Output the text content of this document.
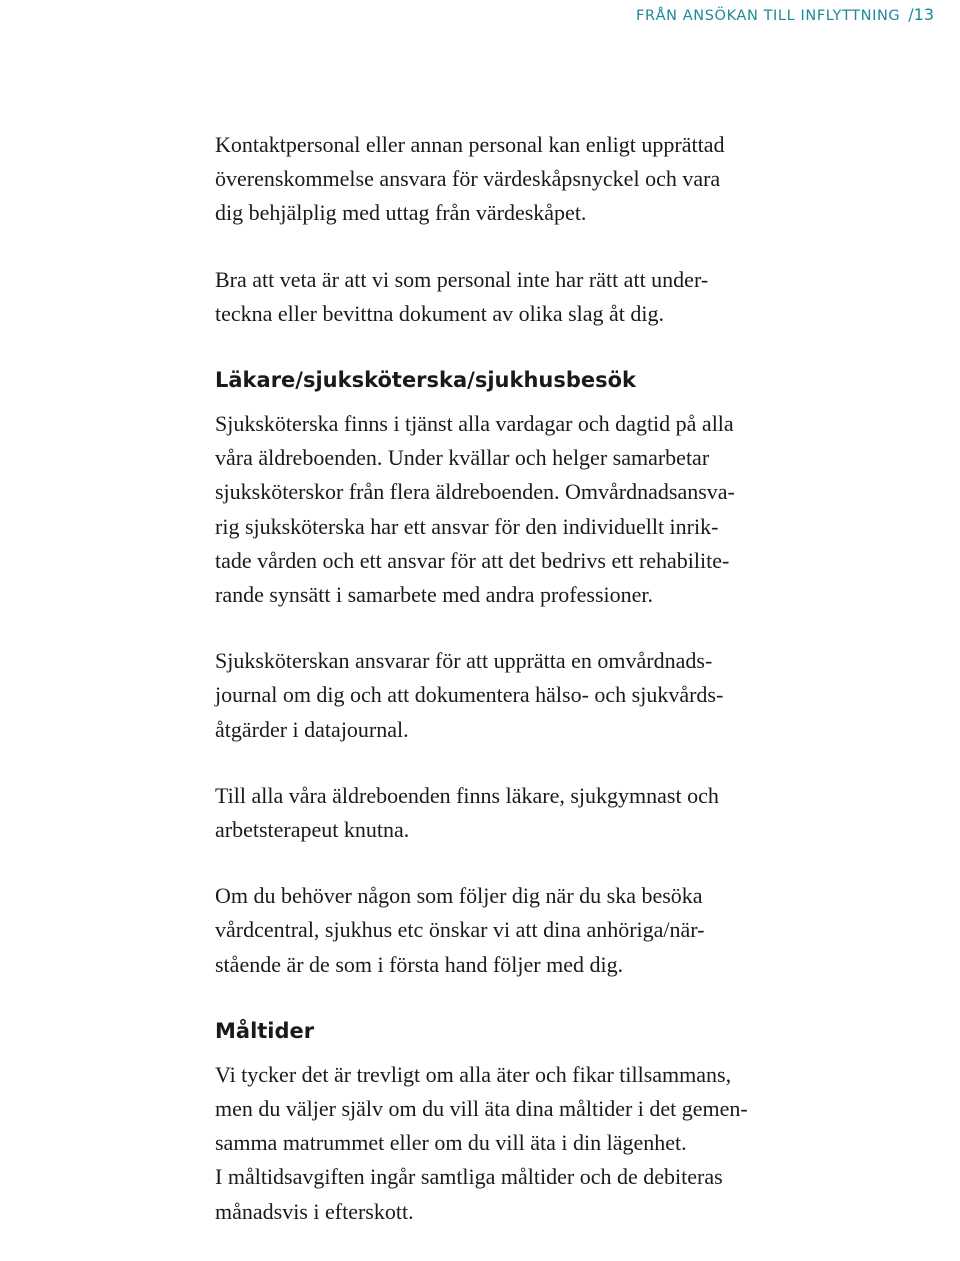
FRÅN ANSÖKAN TILL INFLYTTNING /13

Kontaktpersonal eller annan personal kan enligt upprättad
överenskommelse ansvara för värdeskåpsnyckel och vara
dig behjälplig med uttag från värdeskåpet.

Bra att veta är att vi som personal inte har rätt att under-
teckna eller bevittna dokument av olika slag åt dig.

Läkare/sjuksköterska/sjukhusbesök

Sjuksköterska finns i tjänst alla vardagar och dagtid på alla
våra äldreboenden. Under kvällar och helger samarbetar
sjuksköterskor från flera äldreboenden. Omvårdnadsansva-
rig sjuksköterska har ett ansvar för den individuellt inrik-
tade vården och ett ansvar för att det bedrivs ett rehabilite-
rande synsätt i samarbete med andra professioner.

Sjuksköterskan ansvarar för att upprätta en omvårdnads-
journal om dig och att dokumentera hälso- och sjukvårds-
åtgärder i datajournal.

Till alla våra äldreboenden finns läkare, sjukgymnast och
arbetsterapeut knutna.

Om du behöver någon som följer dig när du ska besöka
vårdcentral, sjukhus etc önskar vi att dina anhöriga/när-
stående är de som i första hand följer med dig.

Måltider

Vi tycker det är trevligt om alla äter och fikar tillsammans,
men du väljer själv om du vill äta dina måltider i det gemen-
samma matrummet eller om du vill äta i din lägenhet.
I måltidsavgiften ingår samtliga måltider och de debiteras
månadsvis i efterskott.
